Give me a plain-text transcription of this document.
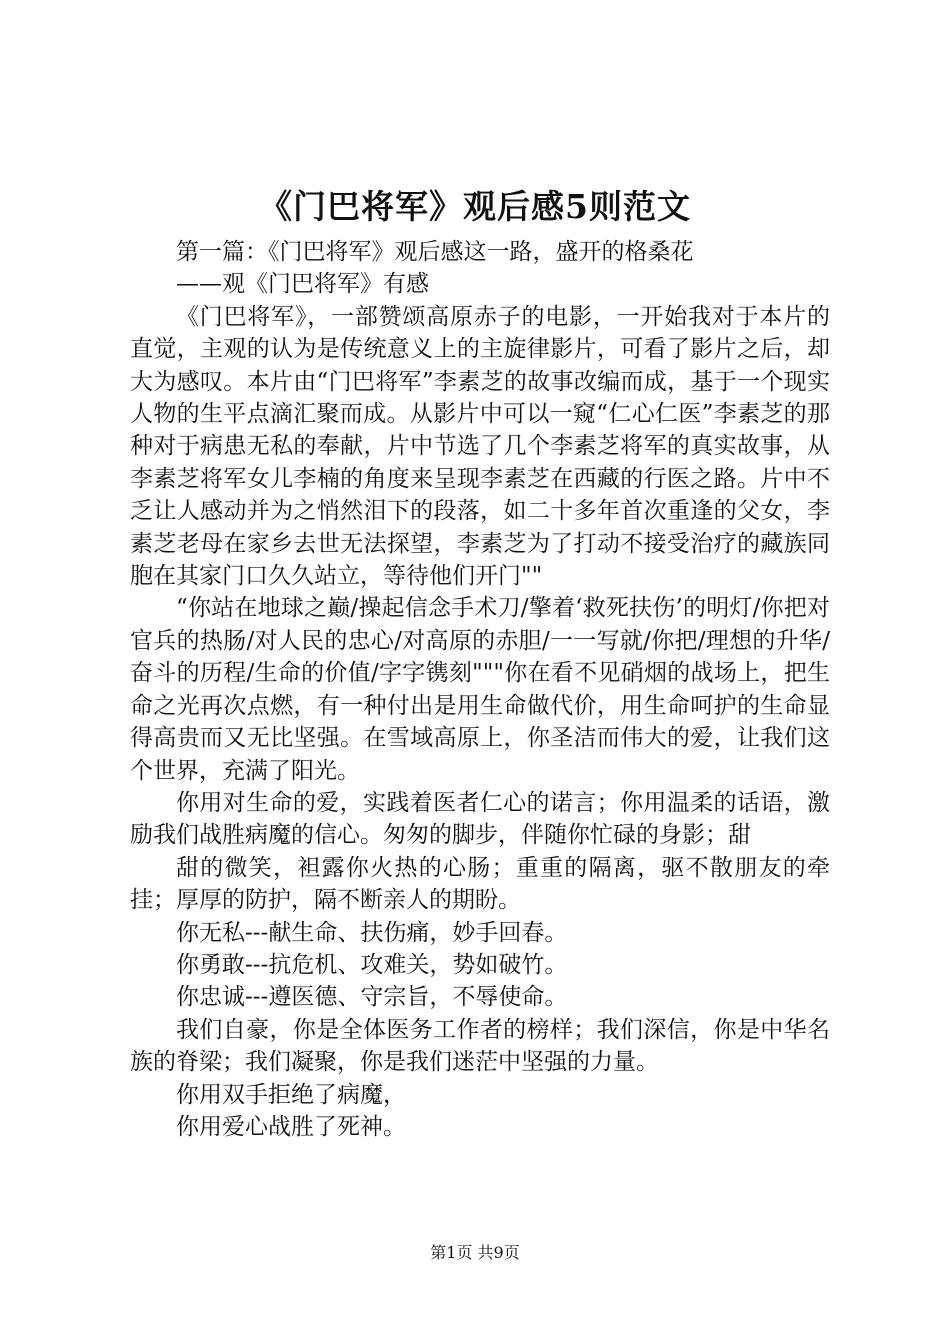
《门巴将军》观后感5则范文

第一篇：《门巴将军》观后感这一路，盛开的格桑花

——观《门巴将军》有感

《门巴将军》，一部赞颂高原赤子的电影，一开始我对于本片的直觉，主观的认为是传统意义上的主旋律影片，可看了影片之后，却大为感叹。本片由“门巴将军”李素芝的故事改编而成，基于一个现实人物的生平点滴汇聚而成。从影片中可以一窥“仁心仁医”李素芝的那种对于病患无私的奉献，片中节选了几个李素芝将军的真实故事，从李素芝将军女儿李楠的角度来呈现李素芝在西藏的行医之路。片中不乏让人感动并为之悄然泪下的段落，如二十多年首次重逢的父女，李素芝老母在家乡去世无法探望，李素芝为了打动不接受治疗的藏族同胞在其家门口久久站立，等待他们开门""

“你站在地球之巅/操起信念手术刀/擎着‘救死扶伤’的明灯/你把对官兵的热肠/对人民的忠心/对高原的赤胆/一一写就/你把/理想的升华/奋斗的历程/生命的价值/字字镌刻"""你在看不见硝烟的战场上，把生命之光再次点燃，有一种付出是用生命做代价，用生命呵护的生命显得高贵而又无比坚强。在雪域高原上，你圣洁而伟大的爱，让我们这个世界，充满了阳光。

你用对生命的爱，实践着医者仁心的诺言；你用温柔的话语，激励我们战胜病魔的信心。匆匆的脚步，伴随你忙碌的身影；甜

甜的微笑，袒露你火热的心肠；重重的隔离，驱不散朋友的牵挂；厚厚的防护，隔不断亲人的期盼。

你无私---献生命、扶伤痛，妙手回春。

你勇敢---抗危机、攻难关，势如破竹。

你忠诚---遵医德、守宗旨，不辱使命。

我们自豪，你是全体医务工作者的榜样；我们深信，你是中华名族的脊梁；我们凝聚，你是我们迷茫中坚强的力量。

你用双手拒绝了病魔，

你用爱心战胜了死神。

第1页 共9页
